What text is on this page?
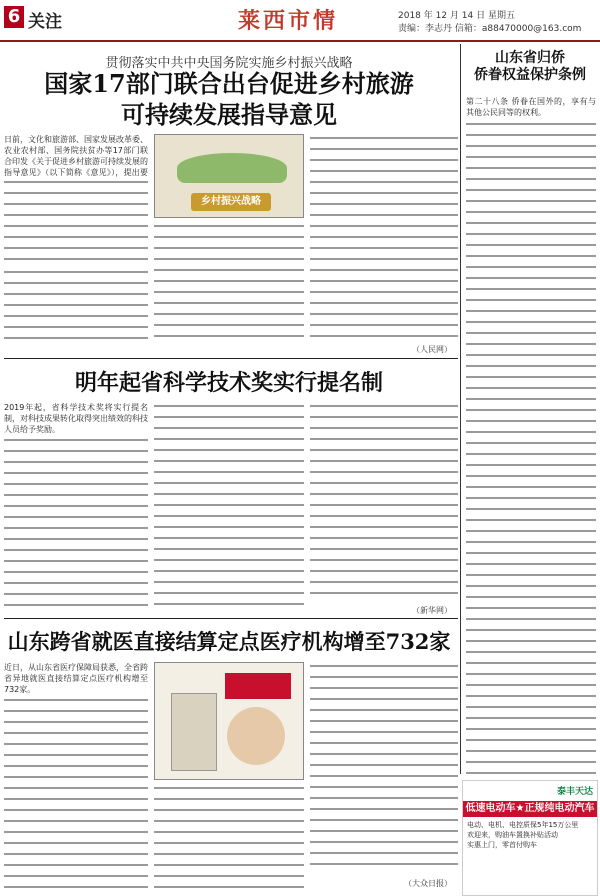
6 关注	莱西市情	2018 年 12 月 14 日 星期五
责编：李志丹 信箱：a88470000@163.com
贯彻落实中共中央国务院实施乡村振兴战略
国家17部门联合出台促进乡村旅游
可持续发展指导意见
日前，文化和旅游部、国家发展改革委、农业农村部、国务院扶贫办等17部门联合印发《关于促进乡村旅游可持续发展的指导意见》（以下简称《意见》），提出要
乡村振兴战略
（人民网）
明年起省科学技术奖实行提名制
2019年起，省科学技术奖将实行提名制，对科技成果转化取得突出绩效的科技人员给予奖励。
（新华网）
山东跨省就医直接结算定点医疗机构增至732家
近日，从山东省医疗保障局获悉，全省跨省异地就医直接结算定点医疗机构增至732家。
（大众日报）
山东省归侨
侨眷权益保护条例
第二十八条 侨眷在国外的，享有与其他公民同等的权利。
泰丰天达
低速电动车★正规纯电动汽车
电动、电机、电控质保5年15万公里
欢迎来，购油车置换补贴活动
实惠上门，零首付购车
